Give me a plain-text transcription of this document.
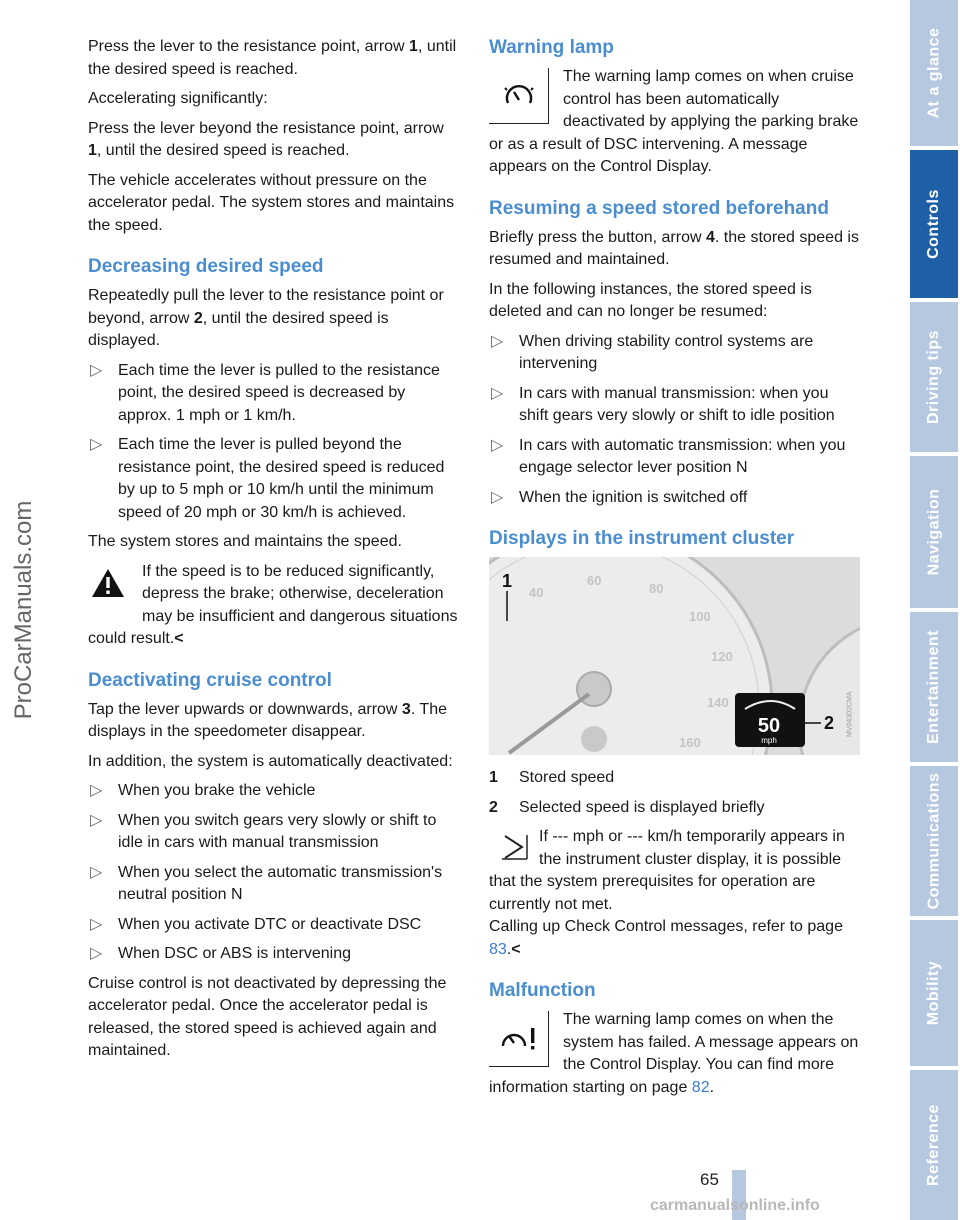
ProCarManuals.com

Press the lever to the resistance point, arrow 1, until the desired speed is reached.

Accelerating significantly:

Press the lever beyond the resistance point, arrow 1, until the desired speed is reached.

The vehicle accelerates without pressure on the accelerator pedal. The system stores and maintains the speed.

Decreasing desired speed

Repeatedly pull the lever to the resistance point or beyond, arrow 2, until the desired speed is displayed.

▷ Each time the lever is pulled to the resistance point, the desired speed is decreased by approx. 1 mph or 1 km/h.
▷ Each time the lever is pulled beyond the resistance point, the desired speed is reduced by up to 5 mph or 10 km/h until the minimum speed of 20 mph or 30 km/h is achieved.

The system stores and maintains the speed.

If the speed is to be reduced significantly, depress the brake; otherwise, deceleration may be insufficient and dangerous situations could result.<
Deactivating cruise control

Tap the lever upwards or downwards, arrow 3. The displays in the speedometer disappear.

In addition, the system is automatically deactivated:

▷ When you brake the vehicle
▷ When you switch gears very slowly or shift to idle in cars with manual transmission
▷ When you select the automatic transmission's neutral position N
▷ When you activate DTC or deactivate DSC
▷ When DSC or ABS is intervening

Cruise control is not deactivated by depressing the accelerator pedal. Once the accelerator pedal is released, the stored speed is achieved again and maintained.

Warning lamp
The warning lamp comes on when cruise control has been automatically deactivated by applying the parking brake or as a result of DSC intervening. A message appears on the Control Display.
Resuming a speed stored beforehand

Briefly press the button, arrow 4. the stored speed is resumed and maintained.

In the following instances, the stored speed is deleted and can no longer be resumed:

▷ When driving stability control systems are intervening
▷ In cars with manual transmission: when you shift gears very slowly or shift to idle position
▷ In cars with automatic transmission: when you engage selector lever position N
▷ When the ignition is switched off
Displays in the instrument cluster
40
60
80
100
120
140
160
50
mph
2
1
MV04302CMA
1 Stored speed
2 Selected speed is displayed briefly
If --- mph or --- km/h temporarily appears in the instrument cluster display, it is possible that the system prerequisites for operation are currently not met.
Calling up Check Control messages, refer to page 83.<
Malfunction
The warning lamp comes on when the system has failed. A message appears on the Control Display. You can find more information starting on page 82.
At a glance
Controls
Driving tips
Navigation
Entertainment
Communications
Mobility
Reference
65
carmanualsonline.info
